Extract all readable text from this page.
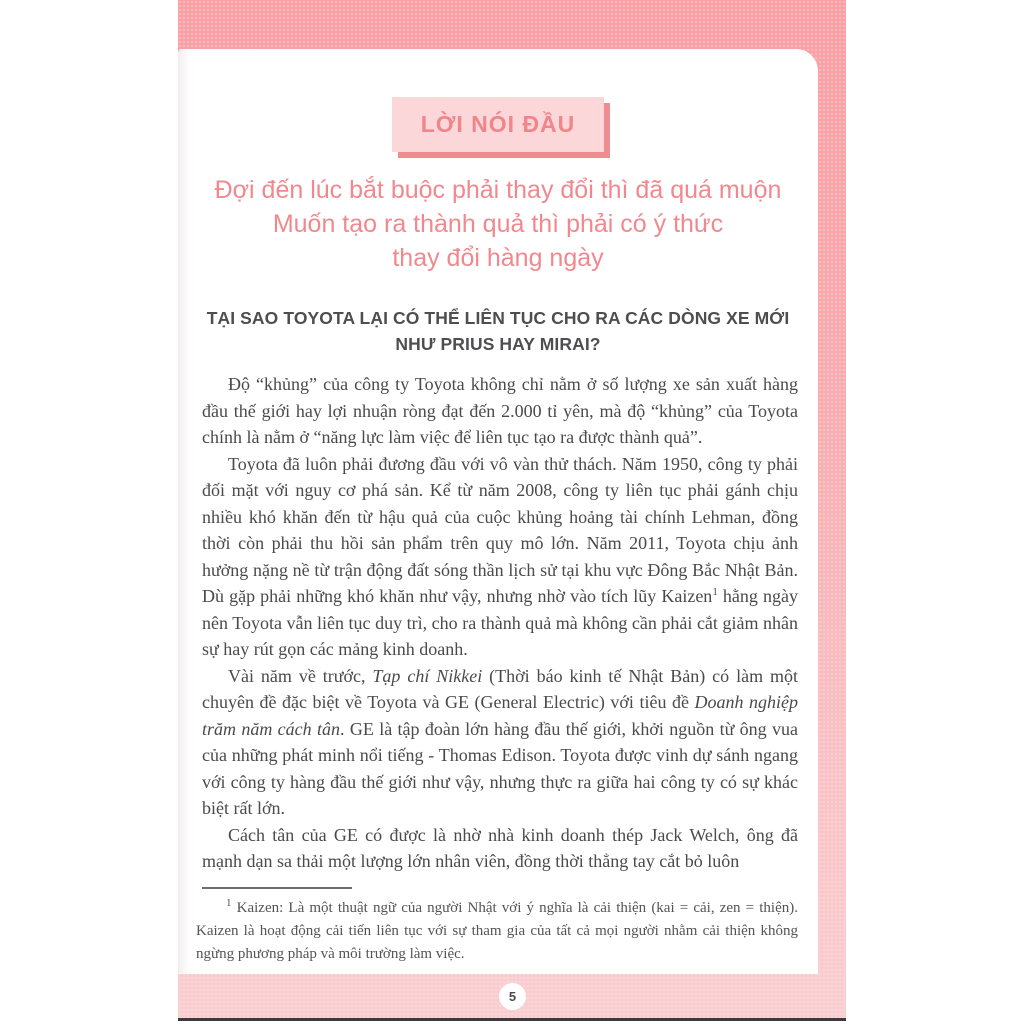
LỜI NÓI ĐẦU
Đợi đến lúc bắt buộc phải thay đổi thì đã quá muộn
Muốn tạo ra thành quả thì phải có ý thức
thay đổi hàng ngày
TẠI SAO TOYOTA LẠI CÓ THỂ LIÊN TỤC CHO RA CÁC DÒNG XE MỚI
NHƯ PRIUS HAY MIRAI?

Độ “khủng” của công ty Toyota không chỉ nằm ở số lượng xe sản xuất hàng đầu thế giới hay lợi nhuận ròng đạt đến 2.000 tỉ yên, mà độ “khủng” của Toyota chính là nằm ở “năng lực làm việc để liên tục tạo ra được thành quả”.

Toyota đã luôn phải đương đầu với vô vàn thử thách. Năm 1950, công ty phải đối mặt với nguy cơ phá sản. Kể từ năm 2008, công ty liên tục phải gánh chịu nhiều khó khăn đến từ hậu quả của cuộc khủng hoảng tài chính Lehman, đồng thời còn phải thu hồi sản phẩm trên quy mô lớn. Năm 2011, Toyota chịu ảnh hưởng nặng nề từ trận động đất sóng thần lịch sử tại khu vực Đông Bắc Nhật Bản. Dù gặp phải những khó khăn như vậy, nhưng nhờ vào tích lũy Kaizen$^1$ hằng ngày nên Toyota vẫn liên tục duy trì, cho ra thành quả mà không cần phải cắt giảm nhân sự hay rút gọn các mảng kinh doanh.

Vài năm về trước, Tạp chí Nikkei (Thời báo kinh tế Nhật Bản) có làm một chuyên đề đặc biệt về Toyota và GE (General Electric) với tiêu đề Doanh nghiệp trăm năm cách tân. GE là tập đoàn lớn hàng đầu thế giới, khởi nguồn từ ông vua của những phát minh nổi tiếng - Thomas Edison. Toyota được vinh dự sánh ngang với công ty hàng đầu thế giới như vậy, nhưng thực ra giữa hai công ty có sự khác biệt rất lớn.

Cách tân của GE có được là nhờ nhà kinh doanh thép Jack Welch, ông đã mạnh dạn sa thải một lượng lớn nhân viên, đồng thời thẳng tay cắt bỏ luôn

$^1$ Kaizen: Là một thuật ngữ của người Nhật với ý nghĩa là cải thiện (kai = cải, zen = thiện). Kaizen là hoạt động cải tiến liên tục với sự tham gia của tất cả mọi người nhằm cải thiện không ngừng phương pháp và môi trường làm việc.

5
